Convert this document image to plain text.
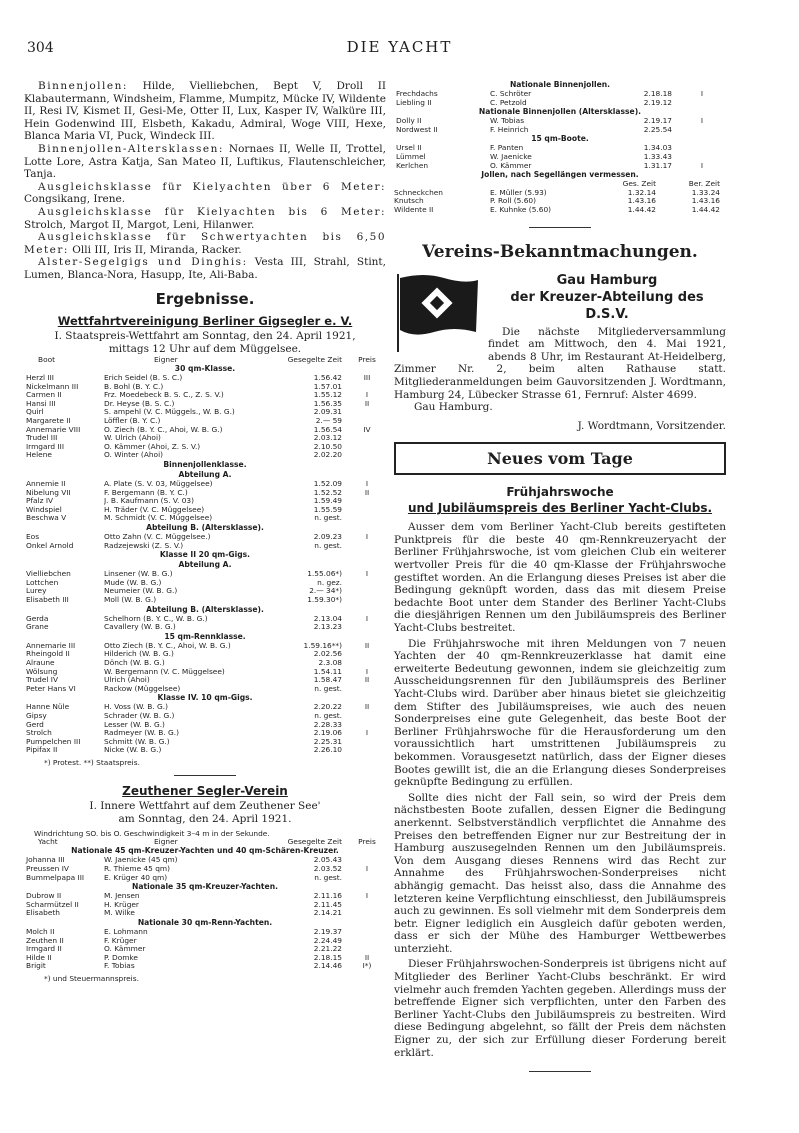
304	DIE YACHT

Binnenjollen: Hilde, Vielliebchen, Bept V, Droll II Klabautermann, Windsheim, Flamme, Mumpitz, Mücke IV, Wildente II, Resi IV, Kismet II, Gesi-Me, Otter II, Lux, Kasper IV, Walküre III, Hein Godenwind III, Elsbeth, Kakadu, Admiral, Woge VIII, Hexe, Blanca Maria VI, Puck, Windeck III.

Binnenjollen-Altersklassen: Nornaes II, Welle II, Trottel, Lotte Lore, Astra Katja, San Mateo II, Luftikus, Flautenschleicher, Tanja.

Ausgleichsklasse für Kielyachten über 6 Meter: Congsikang, Irene.

Ausgleichsklasse für Kielyachten bis 6 Meter: Strolch, Margot II, Margot, Leni, Hilanwer.

Ausgleichsklasse für Schwertyachten bis 6,50 Meter: Olli III, Iris II, Miranda, Racker.

Alster-Segelgigs und Dinghis: Vesta III, Strahl, Stint, Lumen, Blanca-Nora, Hasupp, Ite, Ali-Baba.

Ergebnisse.
Wettfahrtvereinigung Berliner Gigsegler e. V.

I. Staatspreis-Wettfahrt am Sonntag, den 24. April 1921,

mittags 12 Uhr auf dem Müggelsee.

Boot	Eigner	Gesegelte Zeit	Preis
30 qm-Klasse.			
Herzl III	Erich Seidel (B. S. C.)	1.56.42	III
Nickelmann III	B. Bohl (B. Y. C.)	1.57.01	
Carmen II	Frz. Moedebeck B. S. C., Z. S. V.)	1.55.12	I
Hansi III	Dr. Heyse (B. S. C.)	1.56.35	II
Quirl	S. ampehl (V. C. Müggels., W. B. G.)	2.09.31	
Margarete II	Löffler (B. Y. C.)	2.— 59	
Annemarie VIII	O. Ziech (B. Y. C., Ahoi, W. B. G.)	1.56.54	IV
Trudel III	W. Ulrich (Ahoi)	2.03.12	
Irmgard III	O. Kämmer (Ahoi, Z. S. V.)	2.10.50	
Helene	O. Winter (Ahoi)	2.02.20	
Binnenjollenklasse.			
Abteilung A.			
Annemie II	A. Plate (S. V. 03, Müggelsee)	1.52.09	I
Nibelung VII	F. Bergemann (B. Y. C.)	1.52.52	II
Pfalz IV	J. B. Kaufmann (S. V. 03)	1.59.49	
Windspiel	H. Träder (V. C. Müggelsee)	1.55.59	
Beschwa V	M. Schmidt (V. C. Müggelsee)	n. gest.	
Abteilung B. (Altersklasse).			
Eos	Otto Zahn (V. C. Müggelsee.)	2.09.23	I
Onkel Arnold	Radzejewski (Z. S. V.)	n. gest.	
Klasse II 20 qm-Gigs.			
Abteilung A.			
Vielliebchen	Linsener (W. B. G.)	1.55.06*)	I
Lottchen	Mude (W. B. G.)	n. gez.	
Lurey	Neumeier (W. B. G.)	2.— 34*)	
Elisabeth III	Moll (W. B. G.)	1.59.30*)	
Abteilung B. (Altersklasse).			
Gerda	Schelhorn (B. Y. C., W. B. G.)	2.13.04	I
Grane	Cavallery (W. B. G.)	2.13.23	
15 qm-Rennklasse.			
Annemarie III	Otto Ziech (B. Y. C., Ahoi, W. B. G.)	1.59.16**)	II
Rheingold II	Hilderich (W. B. G.)	2.02.56	
Alraune	Dönch (W. B. G.)	2.3.08	
Wölsung	W. Bergemann (V. C. Müggelsee)	1.54.11	I
Trudel IV	Ulrich (Ahoi)	1.58.47	II
Peter Hans VI	Rackow (Müggelsee)	n. gest.	
Klasse IV. 10 qm-Gigs.			
Hanne Nüle	H. Voss (W. B. G.)	2.20.22	II
Gipsy	Schrader (W. B. G.)	n. gest.	
Gerd	Lesser (W. B. G.)	2.28.33	
Strolch	Radmeyer (W. B. G.)	2.19.06	I
Pumpelchen III	Schmitt (W. B. G.)	2.25.31	
Pipifax II	Nicke (W. B. G.)	2.26.10	
*) Protest. **) Staatspreis.
Zeuthener Segler-Verein

I. Innere Wettfahrt auf dem Zeuthener See'

am Sonntag, den 24. April 1921.

Windrichtung SO. bis O. Geschwindigkeit 3–4 m in der Sekunde.
Yacht	Eigner	Gesegelte Zeit	Preis
Nationale 45 qm-Kreuzer-Yachten und 40 qm-Schären-Kreuzer.			
Johanna III	W. Jaenicke (45 qm)	2.05.43	
Preussen IV	R. Thieme 45 qm)	2.03.52	I
Bummelpapa III	E. Krüger 40 qm)	n. gest.	
Nationale 35 qm-Kreuzer-Yachten.			
Dubrow II	M. Jensen	2.11.16	I
Scharmützel II	H. Krüger	2.11.45	
Elisabeth	M. Wilke	2.14.21	
Nationale 30 qm-Renn-Yachten.			
Molch II	E. Lohmann	2.19.37	
Zeuthen II	F. Krüger	2.24.49	
Irmgard II	O. Kämmer	2.21.22	
Hilde II	P. Domke	2.18.15	II
Brigit	F. Tobias	2.14.46	I*)
*) und Steuermannspreis.
Nationale Binnenjollen.			
Frechdachs	C. Schröter	2.18.18	I
Liebling II	C. Petzold	2.19.12	
Nationale Binnenjollen (Altersklasse).			
Dolly II	W. Tobias	2.19.17	I
Nordwest II	F. Heinrich	2.25.54	
15 qm-Boote.			
Ursel II	F. Panten	1.34.03	
Lümmel	W. Jaenicke	1.33.43	
Kerlchen	O. Kämmer	1.31.17	I
Jollen, nach Segellängen vermessen.			
		Ges. Zeit	Ber. Zeit
Schneckchen	E. Müller (5.93)	1.32.14	1.33.24
Knutsch	P. Roll (5.60)	1.43.16	1.43.16
Wildente II	E. Kuhnke (5.60)	1.44.42	1.44.42

Vereins-Bekanntmachungen.

Gau Hamburg
der Kreuzer-Abteilung des D.S.V.

Die nächste Mitgliederversammlung findet am Mittwoch, den 4. Mai 1921, abends 8 Uhr, im Restaurant At-Heidelberg, Zimmer Nr. 2, beim alten Rathause statt. Mitgliederanmeldungen beim Gauvorsitzenden J. Wordtmann, Hamburg 24, Lübecker Strasse 61, Fernruf: Alster 4699.

Gau Hamburg.

J. Wordtmann, Vorsitzender.

Neues vom Tage
Frühjahrswoche
und Jubiläumspreis des Berliner Yacht-Clubs.

Ausser dem vom Berliner Yacht-Club bereits gestifteten Punktpreis für die beste 40 qm-Rennkreuzeryacht der Berliner Frühjahrswoche, ist vom gleichen Club ein weiterer wertvoller Preis für die 40 qm-Klasse der Frühjahrswoche gestiftet worden. An die Erlangung dieses Preises ist aber die Bedingung geknüpft worden, dass das mit diesem Preise bedachte Boot unter dem Stander des Berliner Yacht-Clubs die diesjährigen Rennen um den Jubiläumspreis des Berliner Yacht-Clubs bestreitet.

Die Frühjahrswoche mit ihren Meldungen von 7 neuen Yachten der 40 qm-Rennkreuzerklasse hat damit eine erweiterte Bedeutung gewonnen, indem sie gleichzeitig zum Ausscheidungsrennen für den Jubiläumspreis des Berliner Yacht-Clubs wird. Darüber aber hinaus bietet sie gleichzeitig dem Stifter des Jubiläumspreises, wie auch des neuen Sonderpreises eine gute Gelegenheit, das beste Boot der Berliner Frühjahrswoche für die Herausforderung um den voraussichtlich hart umstrittenen Jubiläumspreis zu bekommen. Vorausgesetzt natürlich, dass der Eigner dieses Bootes gewillt ist, die an die Erlangung dieses Sonderpreises geknüpfte Bedingung zu erfüllen.

Sollte dies nicht der Fall sein, so wird der Preis dem nächstbesten Boote zufallen, dessen Eigner die Bedingung anerkennt. Selbstverständlich verpflichtet die Annahme des Preises den betreffenden Eigner nur zur Bestreitung der in Hamburg auszusegelnden Rennen um den Jubiläumspreis. Von dem Ausgang dieses Rennens wird das Recht zur Annahme des Frühjahrswochen-Sonderpreises nicht abhängig gemacht. Das heisst also, dass die Annahme des letzteren keine Verpflichtung einschliesst, den Jubiläumspreis auch zu gewinnen. Es soll vielmehr mit dem Sonderpreis dem betr. Eigner lediglich ein Ausgleich dafür geboten werden, dass er sich der Mühe des Hamburger Wettbewerbes unterzieht.

Dieser Frühjahrswochen-Sonderpreis ist übrigens nicht auf Mitglieder des Berliner Yacht-Clubs beschränkt. Er wird vielmehr auch fremden Yachten gegeben. Allerdings muss der betreffende Eigner sich verpflichten, unter den Farben des Berliner Yacht-Clubs den Jubiläumspreis zu bestreiten. Wird diese Bedingung abgelehnt, so fällt der Preis dem nächsten Eigner zu, der sich zur Erfüllung dieser Forderung bereit erklärt.
